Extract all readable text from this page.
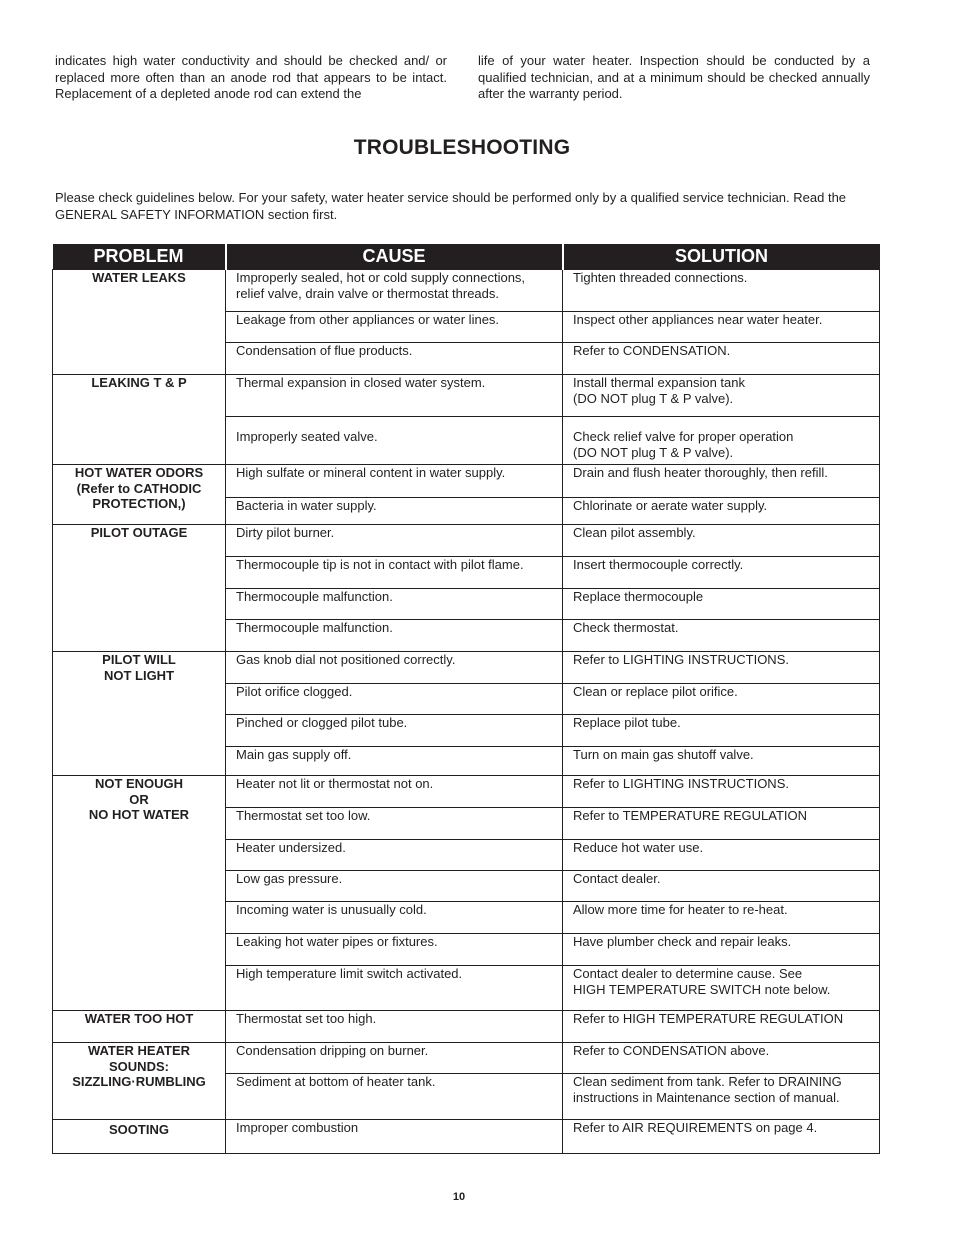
indicates high water conductivity and should be checked and/ or replaced more often than an anode rod that appears to be intact. Replacement of a depleted anode rod can extend the
life of your water heater. Inspection should be conducted by a qualified technician, and at a minimum should be checked annually after the warranty period.
TROUBLESHOOTING
Please check guidelines below. For your safety, water heater service should be performed only by a qualified service technician. Read the GENERAL SAFETY INFORMATION section first.
PROBLEM	CAUSE	SOLUTION
WATER LEAKS	Improperly sealed, hot or cold supply connections, relief valve, drain valve or thermostat threads.	Tighten threaded connections.
	Leakage from other appliances or water lines.	Inspect other appliances near water heater.
	Condensation of flue products.	Refer to CONDENSATION.
LEAKING T & P	Thermal expansion in closed water system.	Install thermal expansion tank
(DO NOT plug T & P valve).
	Improperly seated valve.	Check relief valve for proper operation
(DO NOT plug T & P valve).
HOT WATER ODORS
(Refer to CATHODIC
PROTECTION,)	High sulfate or mineral content in water supply.	Drain and flush heater thoroughly, then refill.
	Bacteria in water supply.	Chlorinate or aerate water supply.
PILOT OUTAGE	Dirty pilot burner.	Clean pilot assembly.
	Thermocouple tip is not in contact with pilot flame.	Insert thermocouple correctly.
	Thermocouple malfunction.	Replace thermocouple
	Thermocouple malfunction.	Check thermostat.
PILOT WILL
NOT LIGHT	Gas knob dial not positioned correctly.	Refer to LIGHTING INSTRUCTIONS.
	Pilot orifice clogged.	Clean or replace pilot orifice.
	Pinched or clogged pilot tube.	Replace pilot tube.
	Main gas supply off.	Turn on main gas shutoff valve.
NOT ENOUGH
OR
NO HOT WATER	Heater not lit or thermostat not on.	Refer to LIGHTING INSTRUCTIONS.
	Thermostat set too low.	Refer to TEMPERATURE REGULATION
	Heater undersized.	Reduce hot water use.
	Low gas pressure.	Contact dealer.
	Incoming water is unusually cold.	Allow more time for heater to re-heat.
	Leaking hot water pipes or fixtures.	Have plumber check and repair leaks.
	High temperature limit switch activated.	Contact dealer to determine cause. See
HIGH TEMPERATURE SWITCH note below.
WATER TOO HOT	Thermostat set too high.	Refer to HIGH TEMPERATURE REGULATION
WATER HEATER
SOUNDS:
SIZZLING·RUMBLING	Condensation dripping on burner.	Refer to CONDENSATION above.
	Sediment at bottom of heater tank.	Clean sediment from tank. Refer to DRAINING
instructions in Maintenance section of manual.
SOOTING	Improper combustion	Refer to AIR REQUIREMENTS on page 4.
10
